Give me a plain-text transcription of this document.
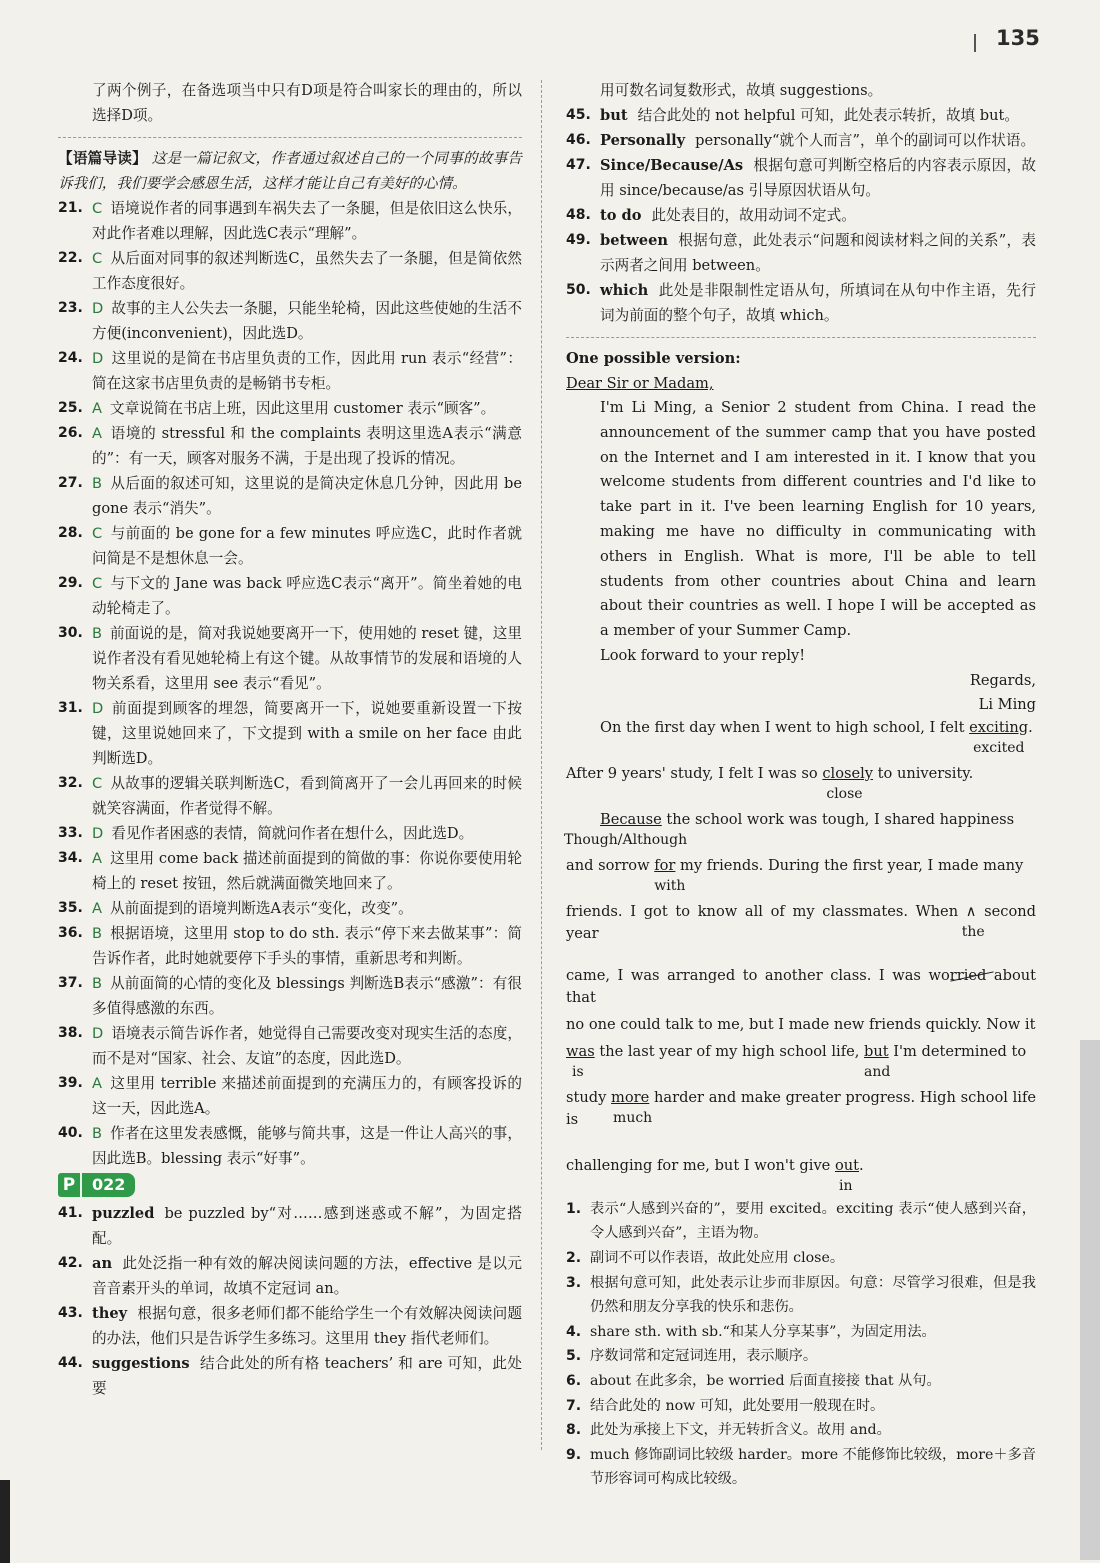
135

了两个例子，在备选项当中只有D项是符合叫家长的理由的，所以选择D项。

【语篇导读】 这是一篇记叙文，作者通过叙述自己的一个同事的故事告诉我们，我们要学会感恩生活，这样才能让自己有美好的心情。
21. C 语境说作者的同事遇到车祸失去了一条腿，但是依旧这么快乐，对此作者难以理解，因此选C表示“理解”。
22. C 从后面对同事的叙述判断选C，虽然失去了一条腿，但是简依然工作态度很好。
23. D 故事的主人公失去一条腿，只能坐轮椅，因此这些使她的生活不方便(inconvenient)，因此选D。
24. D 这里说的是简在书店里负责的工作，因此用 run 表示“经营”：简在这家书店里负责的是畅销书专柜。
25. A 文章说简在书店上班，因此这里用 customer 表示“顾客”。
26. A 语境的 stressful 和 the complaints 表明这里选A表示“满意的”：有一天，顾客对服务不满，于是出现了投诉的情况。
27. B 从后面的叙述可知，这里说的是简决定休息几分钟，因此用 be gone 表示“消失”。
28. C 与前面的 be gone for a few minutes 呼应选C，此时作者就问简是不是想休息一会。
29. C 与下文的 Jane was back 呼应选C表示“离开”。简坐着她的电动轮椅走了。
30. B 前面说的是，简对我说她要离开一下，使用她的 reset 键，这里说作者没有看见她轮椅上有这个键。从故事情节的发展和语境的人物关系看，这里用 see 表示“看见”。
31. D 前面提到顾客的埋怨，简要离开一下，说她要重新设置一下按键，这里说她回来了，下文提到 with a smile on her face 由此判断选D。
32. C 从故事的逻辑关联判断选C，看到简离开了一会儿再回来的时候就笑容满面，作者觉得不解。
33. D 看见作者困惑的表情，简就问作者在想什么，因此选D。
34. A 这里用 come back 描述前面提到的简做的事：你说你要使用轮椅上的 reset 按钮，然后就满面微笑地回来了。
35. A 从前面提到的语境判断选A表示“变化，改变”。
36. B 根据语境，这里用 stop to do sth. 表示“停下来去做某事”：简告诉作者，此时她就要停下手头的事情，重新思考和判断。
37. B 从前面简的心情的变化及 blessings 判断选B表示“感激”：有很多值得感激的东西。
38. D 语境表示简告诉作者，她觉得自己需要改变对现实生活的态度，而不是对“国家、社会、友谊”的态度，因此选D。
39. A 这里用 terrible 来描述前面提到的充满压力的，有顾客投诉的这一天，因此选A。
40. B 作者在这里发表感慨，能够与简共事，这是一件让人高兴的事，因此选B。blessing 表示“好事”。
P	022
41. puzzled be puzzled by“对……感到迷惑或不解”，为固定搭配。
42. an 此处泛指一种有效的解决阅读问题的方法，effective 是以元音音素开头的单词，故填不定冠词 an。
43. they 根据句意，很多老师们都不能给学生一个有效解决阅读问题的办法，他们只是告诉学生多练习。这里用 they 指代老师们。
44. suggestions 结合此处的所有格 teachers’ 和 are 可知，此处要

用可数名词复数形式，故填 suggestions。

45. but 结合此处的 not helpful 可知，此处表示转折，故填 but。
46. Personally personally“就个人而言”，单个的副词可以作状语。
47. Since/Because/As 根据句意可判断空格后的内容表示原因，故用 since/because/as 引导原因状语从句。
48. to do 此处表目的，故用动词不定式。
49. between 根据句意，此处表示“问题和阅读材料之间的关系”，表示两者之间用 between。
50. which 此处是非限制性定语从句，所填词在从句中作主语，先行词为前面的整个句子，故填 which。

One possible version:

Dear Sir or Madam,

I'm Li Ming, a Senior 2 student from China. I read the announcement of the summer camp that you have posted on the Internet and I am interested in it. I know that you welcome students from different countries and I'd like to take part in it. I've been learning English for 10 years, making me have no difficulty in communicating with others in English. What is more, I'll be able to tell students from other countries about China and learn about their countries as well. I hope I will be accepted as a member of your Summer Camp.

Look forward to your reply!

Regards,

Li Ming

On the first day when I went to high school, I felt exciting
excited
.
After 9 years' study, I felt I was so closely
close
to university.
Because
Though/Although
the school work was tough, I shared happiness
and sorrow for
with
my friends. During the first year, I made many
friends. I got to know all of my classmates. When ∧
the
second year
came, I was arranged to another class. I was worried about that
no one could talk to me, but I made new friends quickly. Now it
was
is
the last year of my high school life, but
and
I'm determined to
study more
much
harder and make greater progress. High school life is
challenging for me, but I won't give out
in
.
1. 表示“人感到兴奋的”，要用 excited。exciting 表示“使人感到兴奋，令人感到兴奋”，主语为物。
2. 副词不可以作表语，故此处应用 close。
3. 根据句意可知，此处表示让步而非原因。句意：尽管学习很难，但是我仍然和朋友分享我的快乐和悲伤。
4. share sth. with sb.“和某人分享某事”，为固定用法。
5. 序数词常和定冠词连用，表示顺序。
6. about 在此多余，be worried 后面直接接 that 从句。
7. 结合此处的 now 可知，此处要用一般现在时。
8. 此处为承接上下文，并无转折含义。故用 and。
9. much 修饰副词比较级 harder。more 不能修饰比较级，more＋多音节形容词可构成比较级。
